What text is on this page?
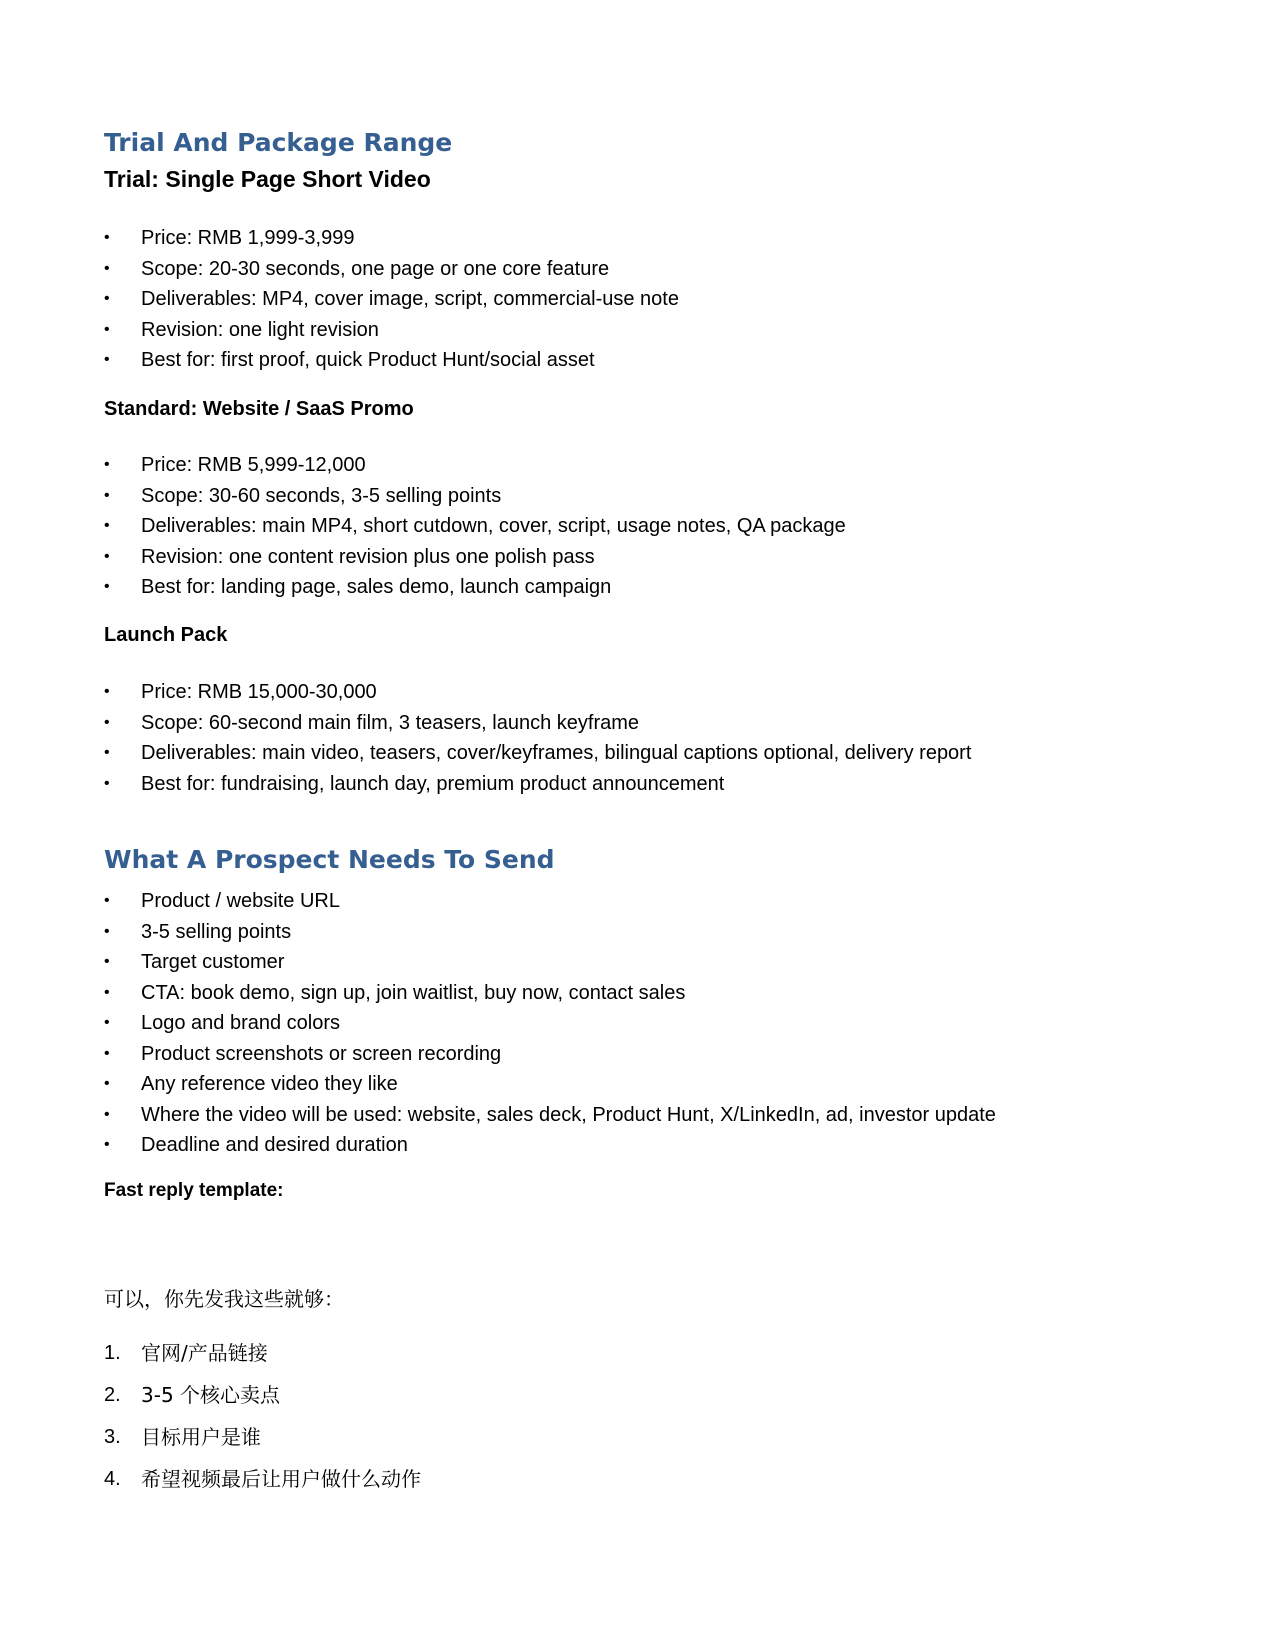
Trial And Package Range
Trial: Single Page Short Video
• Price: RMB 1,999-3,999
• Scope: 20-30 seconds, one page or one core feature
• Deliverables: MP4, cover image, script, commercial-use note
• Revision: one light revision
• Best for: first proof, quick Product Hunt/social asset
Standard: Website / SaaS Promo
• Price: RMB 5,999-12,000
• Scope: 30-60 seconds, 3-5 selling points
• Deliverables: main MP4, short cutdown, cover, script, usage notes, QA package
• Revision: one content revision plus one polish pass
• Best for: landing page, sales demo, launch campaign
Launch Pack
• Price: RMB 15,000-30,000
• Scope: 60-second main film, 3 teasers, launch keyframe
• Deliverables: main video, teasers, cover/keyframes, bilingual captions optional, delivery report
• Best for: fundraising, launch day, premium product announcement
What A Prospect Needs To Send
• Product / website URL
• 3-5 selling points
• Target customer
• CTA: book demo, sign up, join waitlist, buy now, contact sales
• Logo and brand colors
• Product screenshots or screen recording
• Any reference video they like
• Where the video will be used: website, sales deck, Product Hunt, X/LinkedIn, ad, investor update
• Deadline and desired duration

Fast reply template:

可以，你先发我这些就够：

1. 官网/产品链接
2. 3-5 个核心卖点
3. 目标用户是谁
4. 希望视频最后让用户做什么动作
